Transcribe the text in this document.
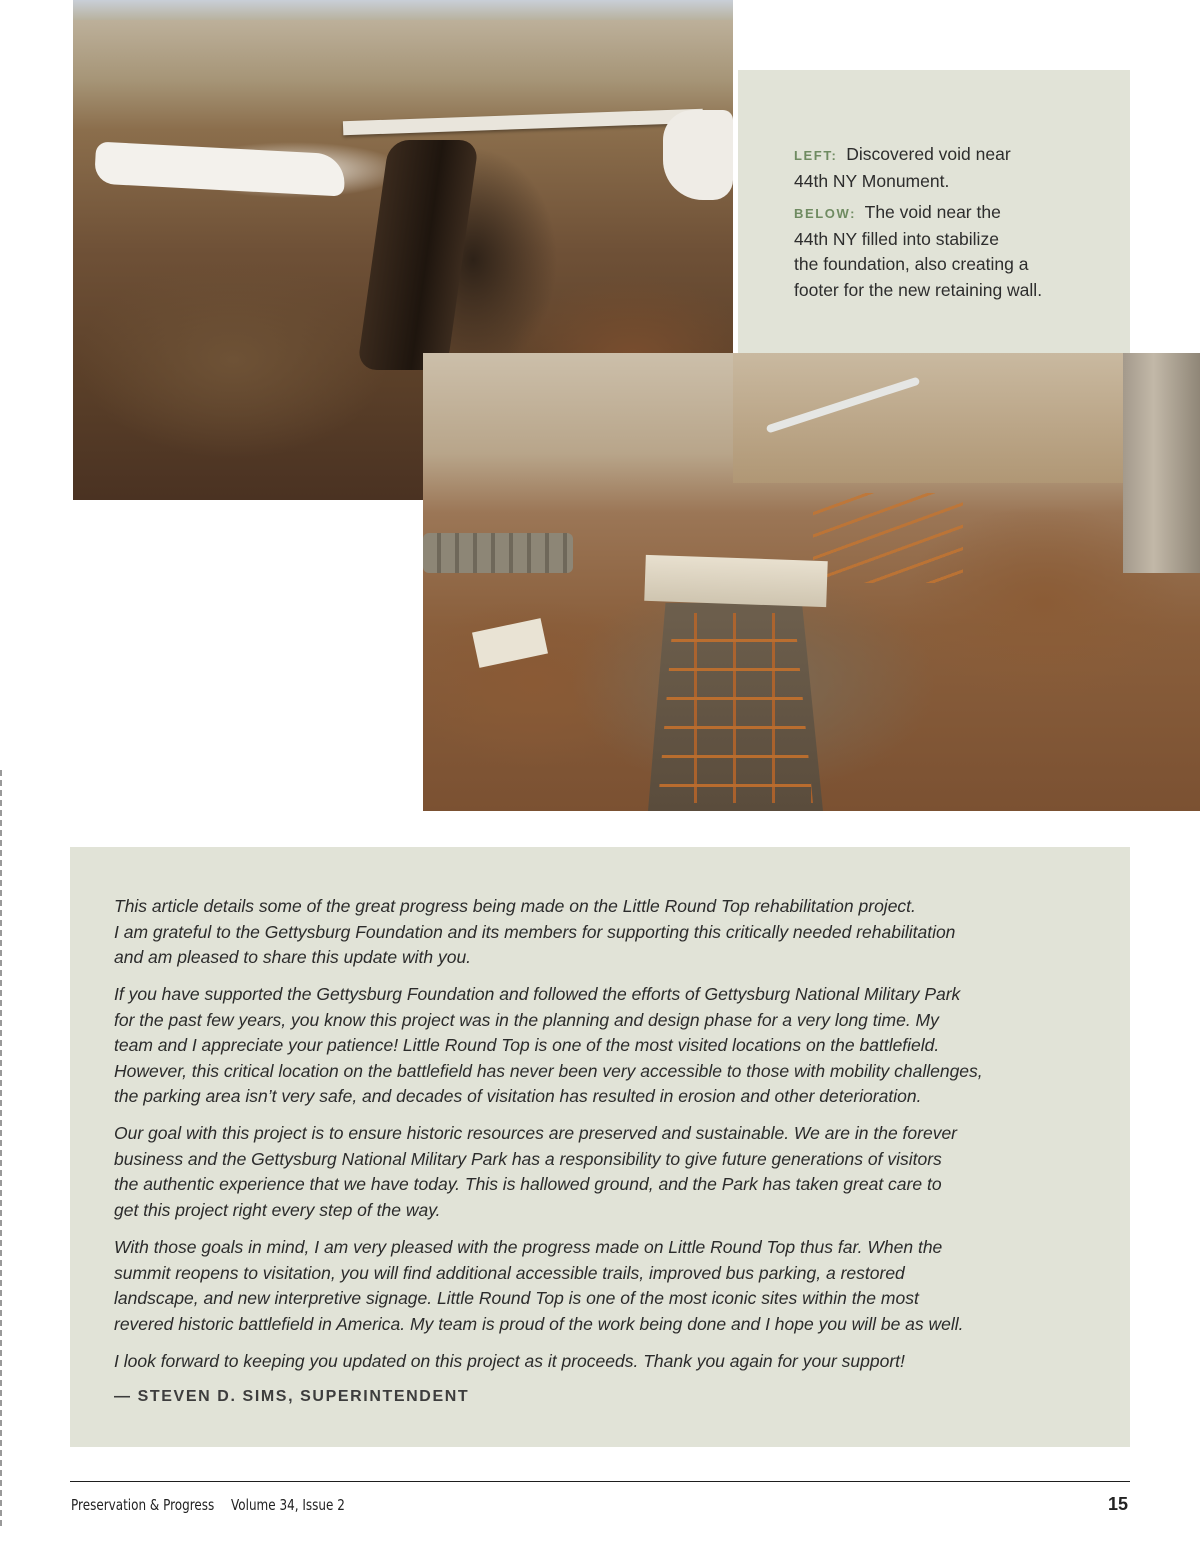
LEFT: Discovered void near
44th NY Monument.

BELOW: The void near the
44th NY filled into stabilize
the foundation, also creating a
footer for the new retaining wall.

This article details some of the great progress being made on the Little Round Top rehabilitation project.
I am grateful to the Gettysburg Foundation and its members for supporting this critically needed rehabilitation
and am pleased to share this update with you.

If you have supported the Gettysburg Foundation and followed the efforts of Gettysburg National Military Park
for the past few years, you know this project was in the planning and design phase for a very long time. My
team and I appreciate your patience! Little Round Top is one of the most visited locations on the battlefield.
However, this critical location on the battlefield has never been very accessible to those with mobility challenges,
the parking area isn’t very safe, and decades of visitation has resulted in erosion and other deterioration.

Our goal with this project is to ensure historic resources are preserved and sustainable. We are in the forever
business and the Gettysburg National Military Park has a responsibility to give future generations of visitors
the authentic experience that we have today. This is hallowed ground, and the Park has taken great care to
get this project right every step of the way.

With those goals in mind, I am very pleased with the progress made on Little Round Top thus far. When the
summit reopens to visitation, you will find additional accessible trails, improved bus parking, a restored
landscape, and new interpretive signage. Little Round Top is one of the most iconic sites within the most
revered historic battlefield in America. My team is proud of the work being done and I hope you will be as well.

I look forward to keeping you updated on this project as it proceeds. Thank you again for your support!

— STEVEN D. SIMS, SUPERINTENDENT

Preservation & Progress Volume 34, Issue 2	15
